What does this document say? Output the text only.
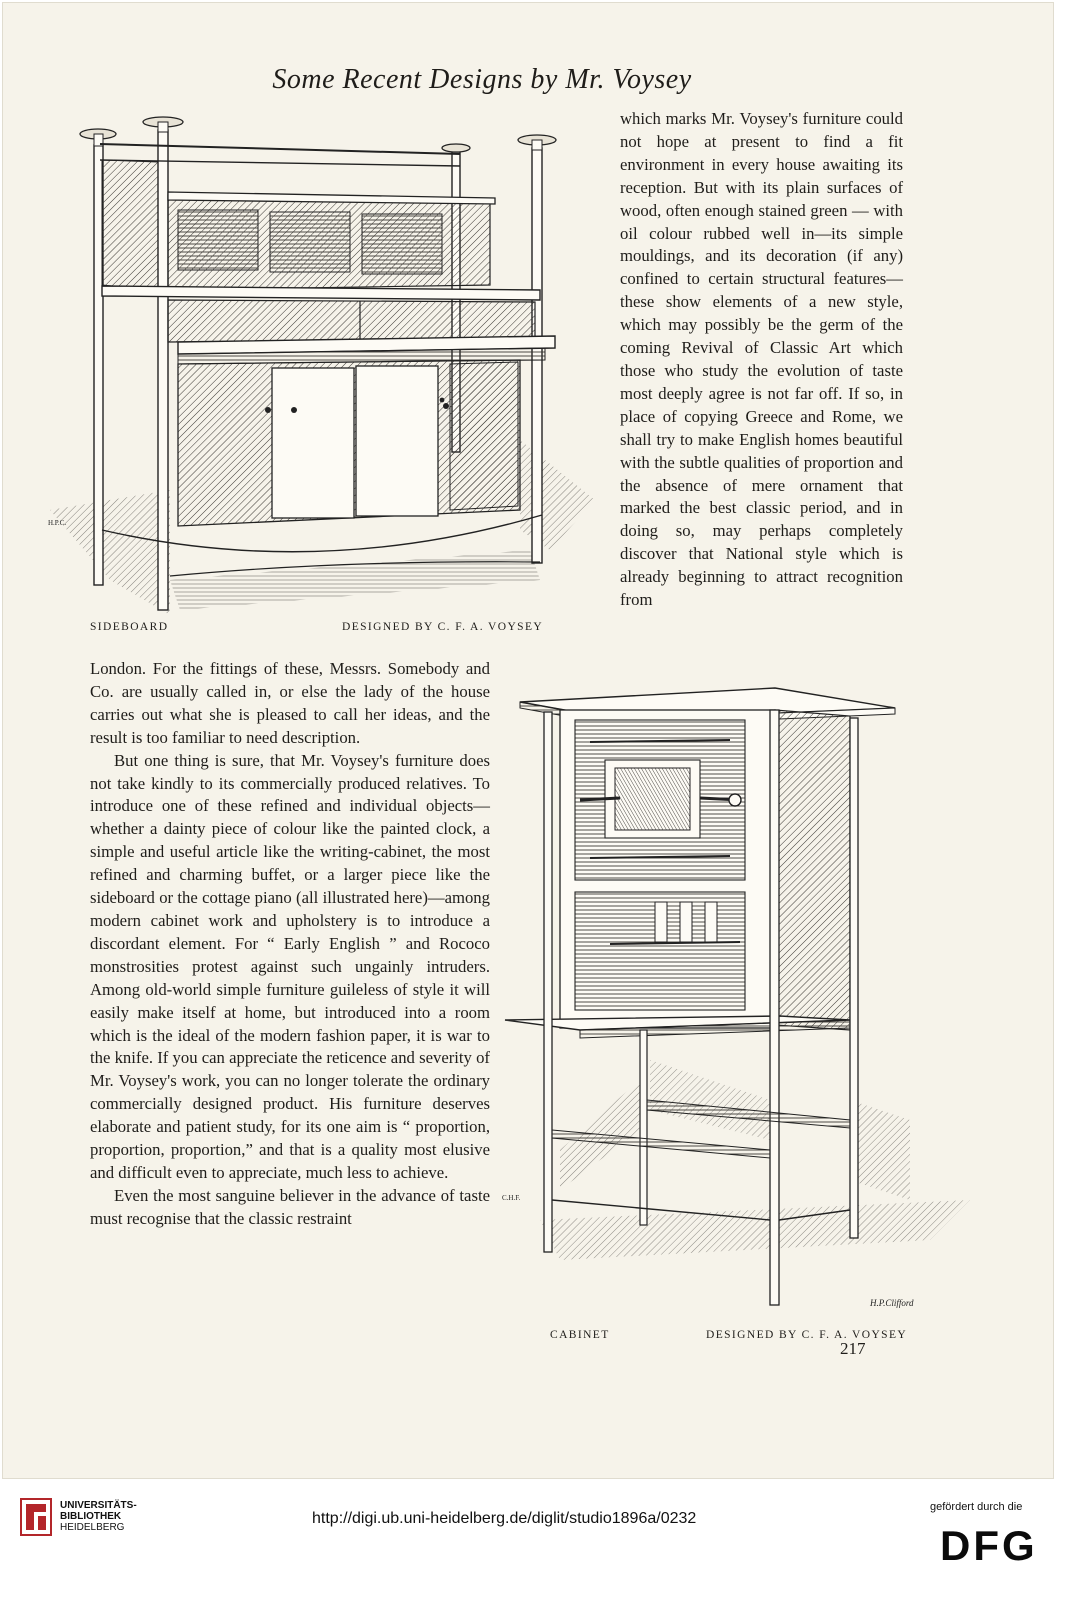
Some Recent Designs by Mr. Voysey
H.P.C.
SIDEBOARD	DESIGNED BY C. F. A. VOYSEY

which marks Mr. Voysey's furniture could not hope at present to find a fit environment in every house awaiting its reception. But with its plain surfaces of wood, often enough stained green — with oil colour rubbed well in—its simple mouldings, and its decoration (if any) confined to certain structural features—these show elements of a new style, which may possibly be the germ of the coming Revival of Classic Art which those who study the evolution of taste most deeply agree is not far off. If so, in place of copying Greece and Rome, we shall try to make English homes beautiful with the subtle qualities of proportion and the absence of mere ornament that marked the best classic period, and in doing so, may perhaps completely discover that National style which is already beginning to attract recognition from

London. For the fittings of these, Messrs. Somebody and Co. are usually called in, or else the lady of the house carries out what she is pleased to call her ideas, and the result is too familiar to need description.

But one thing is sure, that Mr. Voysey's furniture does not take kindly to its commercially produced relatives. To introduce one of these refined and individual objects—whether a dainty piece of colour like the painted clock, a simple and useful article like the writing-cabinet, the most refined and charming buffet, or a larger piece like the sideboard or the cottage piano (all illustrated here)—among modern cabinet work and upholstery is to introduce a discordant element. For “ Early English ” and Rococo monstrosities protest against such ungainly intruders. Among old-world simple furniture guileless of style it will easily make itself at home, but introduced into a room which is the ideal of the modern fashion paper, it is war to the knife. If you can appreciate the reticence and severity of Mr. Voysey's work, you can no longer tolerate the ordinary commercially designed product. His furniture deserves elaborate and patient study, for its one aim is “ proportion, proportion, proportion,” and that is a quality most elusive and difficult even to appreciate, much less to achieve.

Even the most sanguine believer in the advance of taste must recognise that the classic restraint

C.H.F.
H.P.Clifford
CABINET	DESIGNED BY C. F. A. VOYSEY
217
UNIVERSITÄTS-
BIBLIOTHEK
HEIDELBERG
http://digi.ub.uni-heidelberg.de/diglit/studio1896a/0232
gefördert durch die
DFG
